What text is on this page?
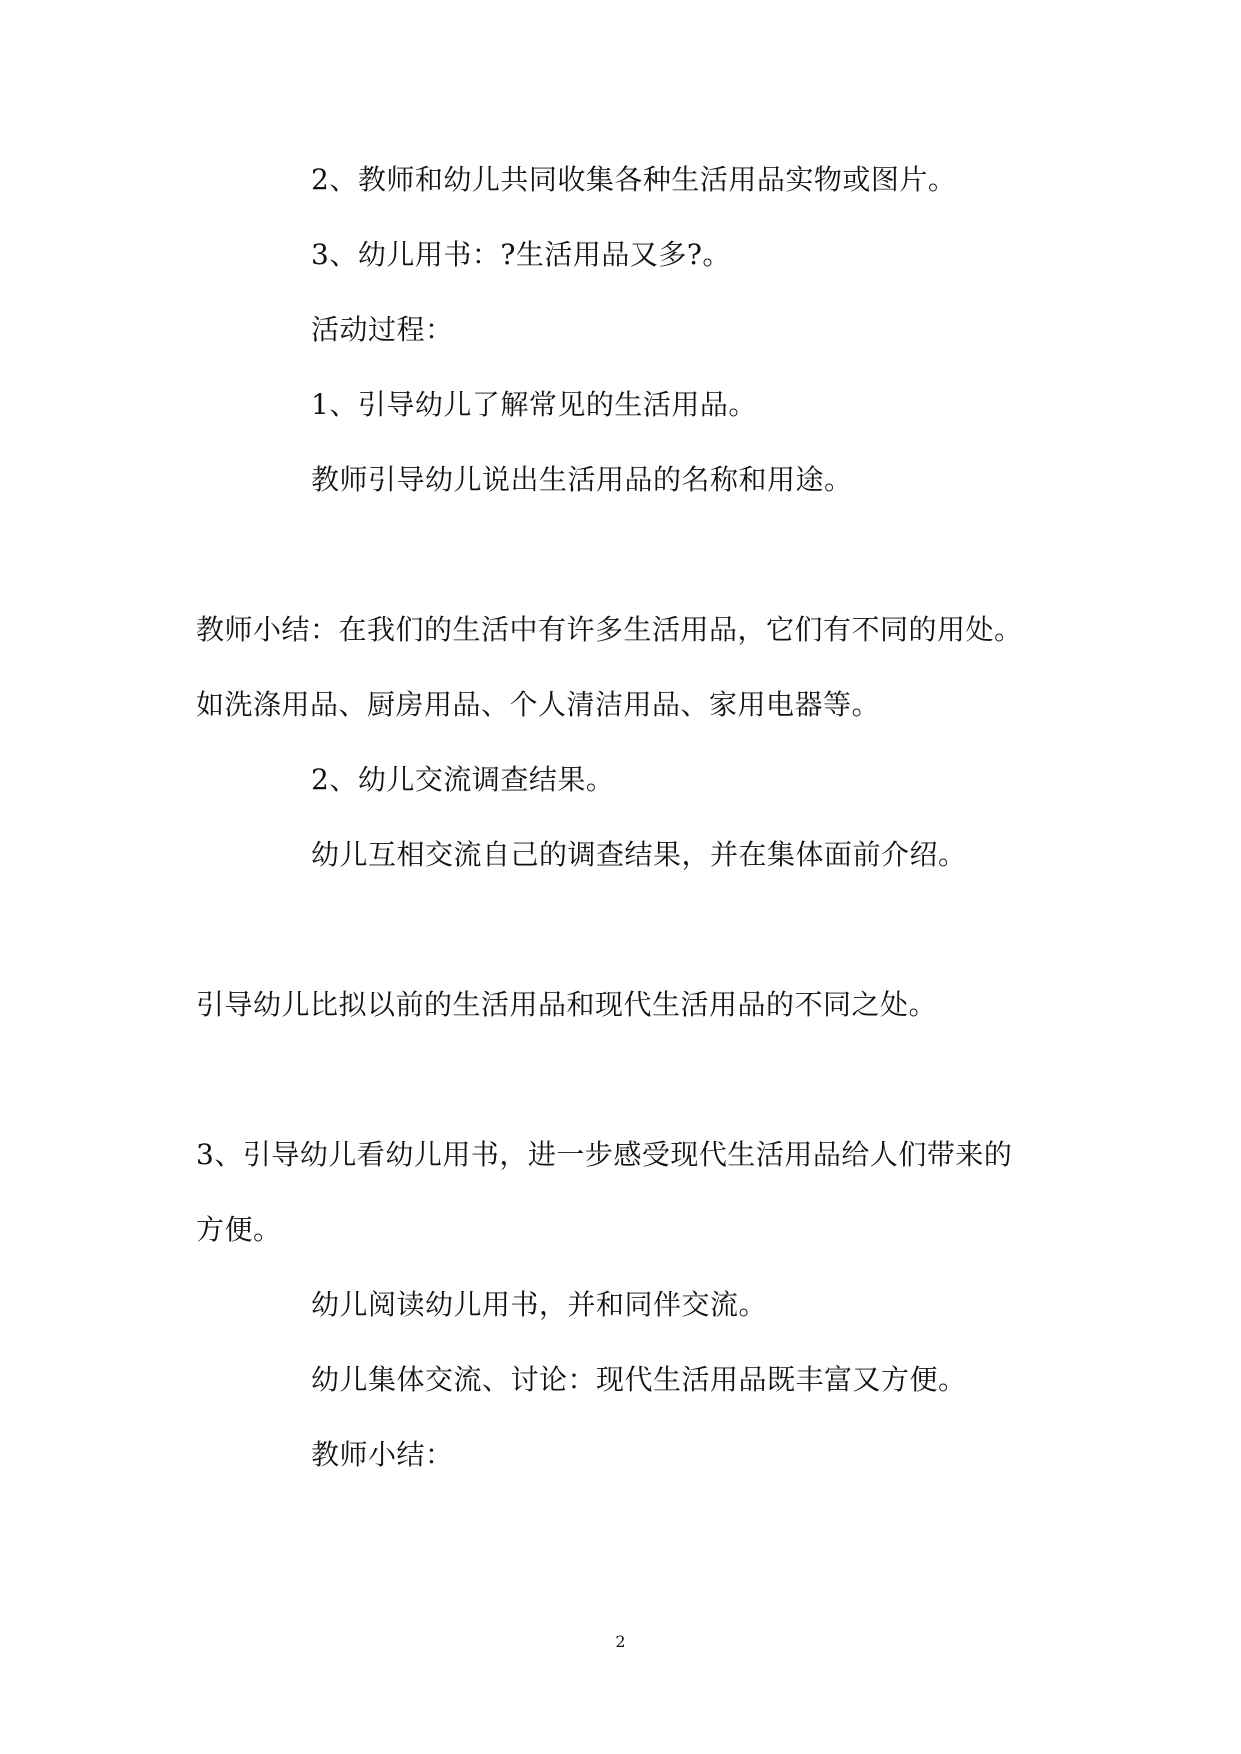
2、教师和幼儿共同收集各种生活用品实物或图片。
3、幼儿用书：?生活用品又多?。
活动过程：
1、引导幼儿了解常见的生活用品。
教师引导幼儿说出生活用品的名称和用途。
教师小结：在我们的生活中有许多生活用品，它们有不同的用处。
如洗涤用品、厨房用品、个人清洁用品、家用电器等。
2、幼儿交流调查结果。
幼儿互相交流自己的调查结果，并在集体面前介绍。
引导幼儿比拟以前的生活用品和现代生活用品的不同之处。
3、引导幼儿看幼儿用书，进一步感受现代生活用品给人们带来的
方便。
幼儿阅读幼儿用书，并和同伴交流。
幼儿集体交流、讨论：现代生活用品既丰富又方便。
教师小结：
2
